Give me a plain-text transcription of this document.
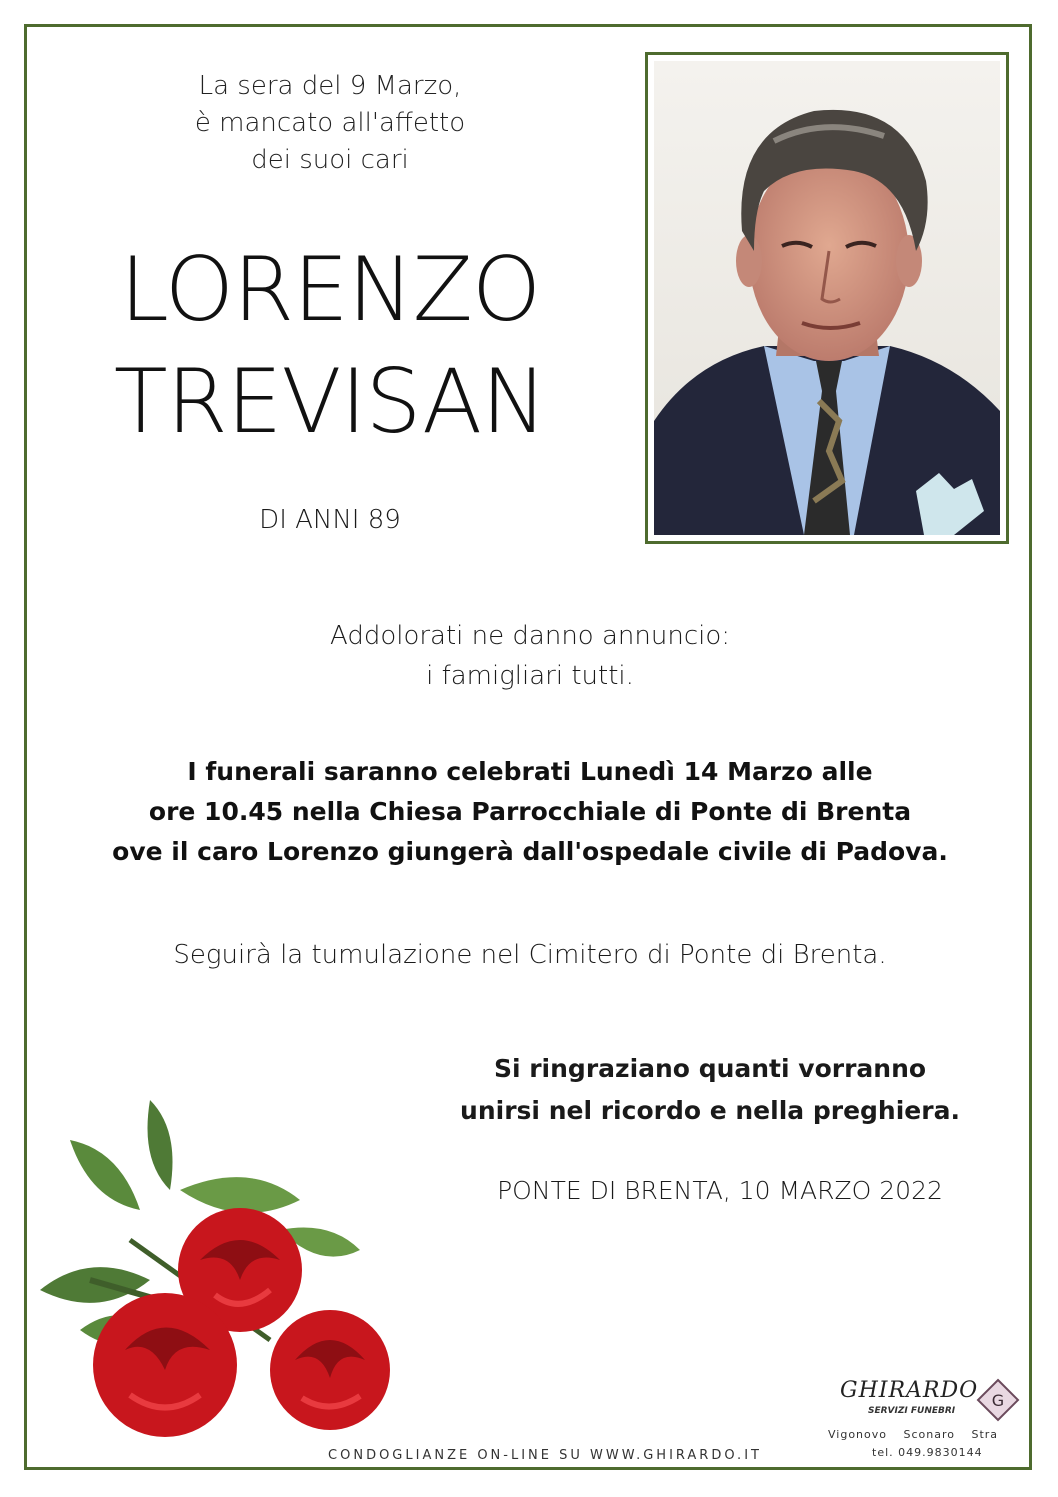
La sera del 9 Marzo,
è mancato all'affetto
dei suoi cari
LORENZO
TREVISAN
DI ANNI 89
Addolorati ne danno annuncio:
i famigliari tutti.
I funerali saranno celebrati Lunedì 14 Marzo alle
ore 10.45 nella Chiesa Parrocchiale di Ponte di Brenta
ove il caro Lorenzo giungerà dall'ospedale civile di Padova.
Seguirà la tumulazione nel Cimitero di Ponte di Brenta.
Si ringraziano quanti vorranno
unirsi nel ricordo e nella preghiera.
PONTE DI BRENTA, 10 MARZO 2022
CONDOGLIANZE ON-LINE SU WWW.GHIRARDO.IT
GHIRARDO
SERVIZI FUNEBRI
G
Vigonovo Sconaro Stra
tel. 049.9830144
